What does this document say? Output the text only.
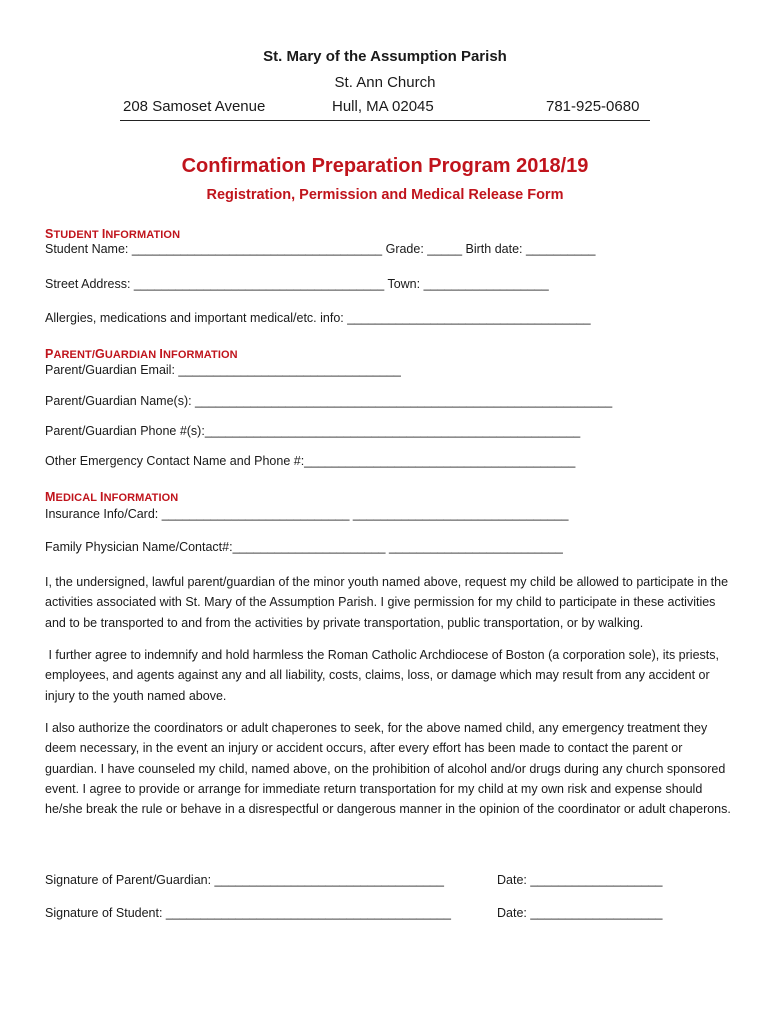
St. Mary of the Assumption Parish
St. Ann Church
208 Samoset Avenue	Hull, MA 02045	781-925-0680
Confirmation Preparation Program 2018/19
Registration, Permission and Medical Release Form
STUDENT INFORMATION
Student Name: ____________________________________ Grade: _____ Birth date: __________
Street Address: ____________________________________ Town: __________________
Allergies, medications and important medical/etc. info: ___________________________________
PARENT/GUARDIAN INFORMATION
Parent/Guardian Email: ________________________________
Parent/Guardian Name(s): ____________________________________________________________
Parent/Guardian Phone #(s):______________________________________________________
Other Emergency Contact Name and Phone #:_______________________________________
MEDICAL INFORMATION
Insurance Info/Card: ___________________________ _______________________________
Family Physician Name/Contact#:______________________ _________________________
I, the undersigned, lawful parent/guardian of the minor youth named above, request my child be allowed to participate in the activities associated with St. Mary of the Assumption Parish. I give permission for my child to participate in these activities and to be transported to and from the activities by private transportation, public transportation, or by walking.
I further agree to indemnify and hold harmless the Roman Catholic Archdiocese of Boston (a corporation sole), its priests, employees, and agents against any and all liability, costs, claims, loss, or damage which may result from any accident or injury to the youth named above.
I also authorize the coordinators or adult chaperones to seek, for the above named child, any emergency treatment they deem necessary, in the event an injury or accident occurs, after every effort has been made to contact the parent or guardian. I have counseled my child, named above, on the prohibition of alcohol and/or drugs during any church sponsored event. I agree to provide or arrange for immediate return transportation for my child at my own risk and expense should he/she break the rule or behave in a disrespectful or dangerous manner in the opinion of the coordinator or adult chaperons.
Signature of Parent/Guardian: _________________________________	Date: ___________________
Signature of Student: _________________________________________	Date: ___________________
